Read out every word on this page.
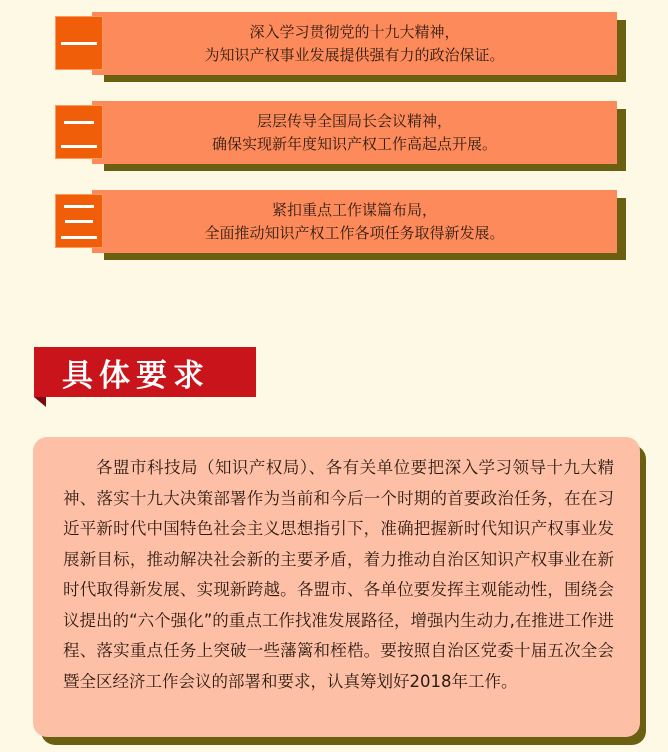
深入学习贯彻党的十九大精神，
为知识产权事业发展提供强有力的政治保证。
层层传导全国局长会议精神，
确保实现新年度知识产权工作高起点开展。
紧扣重点工作谋篇布局，
全面推动知识产权工作各项任务取得新发展。
具体要求

各盟市科技局（知识产权局）、各有关单位要把深入学习领导十九大精神、落实十九大决策部署作为当前和今后一个时期的首要政治任务，在在习近平新时代中国特色社会主义思想指引下，准确把握新时代知识产权事业发展新目标，推动解决社会新的主要矛盾，着力推动自治区知识产权事业在新时代取得新发展、实现新跨越。各盟市、各单位要发挥主观能动性，围绕会议提出的“六个强化”的重点工作找准发展路径，增强内生动力,在推进工作进程、落实重点任务上突破一些藩篱和桎梏。要按照自治区党委十届五次全会暨全区经济工作会议的部署和要求，认真筹划好2018年工作。
